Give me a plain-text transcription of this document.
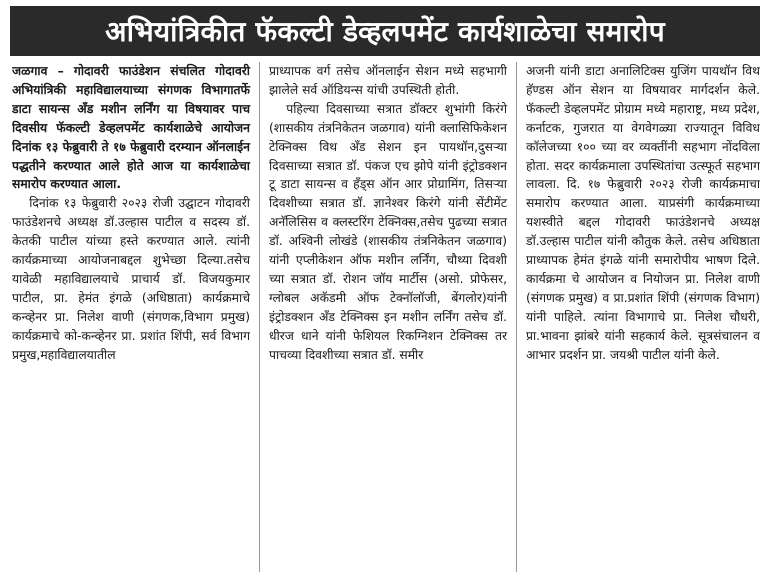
अभियांत्रिकीत फॅकल्टी डेव्हलपमेंट कार्यशाळेचा समारोप

जळगाव – गोदावरी फाउंडेशन संचलित गोदावरी अभियांत्रिकी महाविद्यालयाच्या संगणक विभागातर्फे डाटा सायन्स अँड मशीन लर्निंग या विषयावर पाच दिवसीय फॅकल्टी डेव्हलपमेंट कार्यशाळेचे आयोजन दिनांक १३ फेब्रुवारी ते १७ फेब्रुवारी दरम्यान ऑनलाईन पद्धतीने करण्यात आले होते आज या कार्यशाळेचा समारोप करण्यात आला.

दिनांक १३ फेब्रुवारी २०२३ रोजी उद्घाटन गोदावरी फाउंडेशनचे अध्यक्ष डॉ.उल्हास पाटील व सदस्य डॉ. केतकी पाटील यांच्या हस्ते करण्यात आले. त्यांनी कार्यक्रमाच्या आयोजनाबद्दल शुभेच्छा दिल्या.तसेच यावेळी महाविद्यालयाचे प्राचार्य डॉ. विजयकुमार पाटील, प्रा. हेमंत इंगळे (अधिष्ठाता) कार्यक्रमाचे कन्व्हेनर प्रा. निलेश वाणी (संगणक,विभाग प्रमुख) कार्यक्रमाचे को-कन्व्हेनर प्रा. प्रशांत शिंपी, सर्व विभाग प्रमुख,महाविद्यालयातील

प्राध्यापक वर्ग तसेच ऑनलाईन सेशन मध्ये सहभागी झालेले सर्व ऑडियन्स यांची उपस्थिती होती.

पहिल्या दिवसाच्या सत्रात डॉक्टर शुभांगी किरंगे (शासकीय तंत्रनिकेतन जळगाव) यांनी क्लासिफिकेशन टेक्निक्स विथ अँड सेशन इन पायथॉन,दुसऱ्या दिवसाच्या सत्रात डॉ. पंकज एच झोपे यांनी इंट्रोडक्शन टू डाटा सायन्स व हँड्स ऑन आर प्रोग्रामिंग, तिसऱ्या दिवशीच्या सत्रात डॉ. ज्ञानेश्वर किरंगे यांनी सेंटीमेंट अनॅलिसिस व क्लस्टरिंग टेक्निक्स,तसेच पुढच्या सत्रात डॉ. अश्विनी लोखंडे (शासकीय तंत्रनिकेतन जळगाव) यांनी एप्लीकेशन ऑफ मशीन लर्निंग, चौथ्या दिवशी च्या सत्रात डॉ. रोशन जॉय मार्टीस (असो. प्रोफेसर, ग्लोबल अकॅडमी ऑफ टेक्नॉलॉजी, बेंगलोर)यांनी इंट्रोडक्शन अँड टेक्निक्स इन मशीन लर्निंग तसेच डॉ. धीरज धाने यांनी फेशियल रिकग्निशन टेक्निक्स तर पाचव्या दिवशीच्या सत्रात डॉ. समीर

अजनी यांनी डाटा अनालिटिक्स युजिंग पायथॉन विथ हॅण्डस ऑन सेशन या विषयावर मार्गदर्शन केले. फॅकल्टी डेव्हलपमेंट प्रोग्राम मध्ये महाराष्ट्र, मध्य प्रदेश, कर्नाटक, गुजरात या वेगवेगळ्या राज्यातून विविध कॉलेजच्या १०० च्या वर व्यक्तींनी सहभाग नोंदविला होता. सदर कार्यक्रमाला उपस्थितांचा उत्स्फूर्त सहभाग लावला. दि. १७ फेब्रुवारी २०२३ रोजी कार्यक्रमाचा समारोप करण्यात आला. याप्रसंगी कार्यक्रमाच्या यशस्वीते बद्दल गोदावरी फाउंडेशनचे अध्यक्ष डॉ.उल्हास पाटील यांनी कौतुक केले. तसेच अधिष्ठाता प्राध्यापक हेमंत इंगळे यांनी समारोपीय भाषण दिले. कार्यक्रमा चे आयोजन व नियोजन प्रा. निलेश वाणी (संगणक प्रमुख) व प्रा.प्रशांत शिंपी (संगणक विभाग) यांनी पाहिले. त्यांना विभागाचे प्रा. निलेश चौधरी, प्रा.भावना झांबरे यांनी सहकार्य केले. सूत्रसंचालन व आभार प्रदर्शन प्रा. जयश्री पाटील यांनी केले.
